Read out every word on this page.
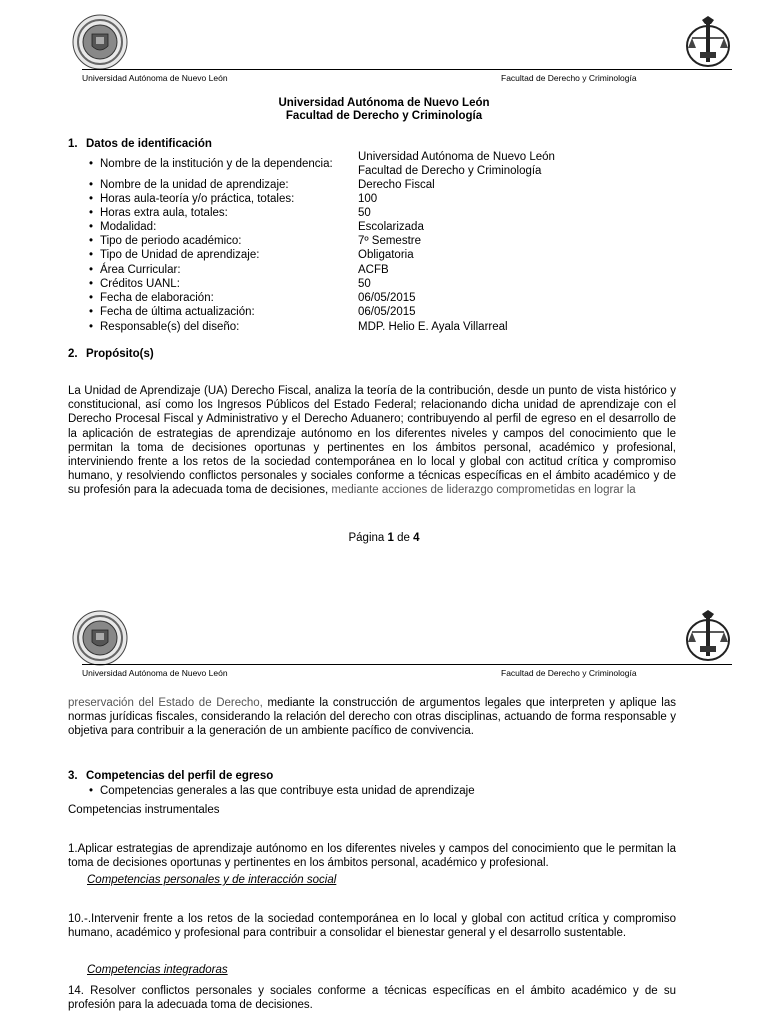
Universidad Autónoma de Nuevo León	Facultad de Derecho y Criminología
Universidad Autónoma de Nuevo León
Facultad de Derecho y Criminología
1. Datos de identificación
• Nombre de la institución y de la dependencia:
Universidad Autónoma de Nuevo León
Facultad de Derecho y Criminología
• Nombre de la unidad de aprendizaje:	Derecho Fiscal
• Horas aula-teoría y/o práctica, totales:	100
• Horas extra aula, totales:	50
• Modalidad:	Escolarizada
• Tipo de periodo académico:	7º Semestre
• Tipo de Unidad de aprendizaje:	Obligatoria
• Área Curricular:	ACFB
• Créditos UANL:	50
• Fecha de elaboración:	06/05/2015
• Fecha de última actualización:	06/05/2015
• Responsable(s) del diseño:	MDP. Helio E. Ayala Villarreal
2. Propósito(s)
La Unidad de Aprendizaje (UA) Derecho Fiscal, analiza la teoría de la contribución, desde un punto de vista histórico y constitucional, así como los Ingresos Públicos del Estado Federal; relacionando dicha unidad de aprendizaje con el Derecho Procesal Fiscal y Administrativo y el Derecho Aduanero; contribuyendo al perfil de egreso en el desarrollo de la aplicación de estrategias de aprendizaje autónomo en los diferentes niveles y campos del conocimiento que le permitan la toma de decisiones oportunas y pertinentes en los ámbitos personal, académico y profesional, interviniendo frente a los retos de la sociedad contemporánea en lo local y global con actitud crítica y compromiso humano, y resolviendo conflictos personales y sociales conforme a técnicas específicas en el ámbito académico y de su profesión para la adecuada toma de decisiones, mediante acciones de liderazgo comprometidas en lograr la
Página 1 de 4
Universidad Autónoma de Nuevo León	Facultad de Derecho y Criminología
preservación del Estado de Derecho, mediante la construcción de argumentos legales que interpreten y aplique las normas jurídicas fiscales, considerando la relación del derecho con otras disciplinas, actuando de forma responsable y objetiva para contribuir a la generación de un ambiente pacífico de convivencia.
3. Competencias del perfil de egreso
• Competencias generales a las que contribuye esta unidad de aprendizaje
Competencias instrumentales
1.Aplicar estrategias de aprendizaje autónomo en los diferentes niveles y campos del conocimiento que le permitan la toma de decisiones oportunas y pertinentes en los ámbitos personal, académico y profesional.
Competencias personales y de interacción social
10.-.Intervenir frente a los retos de la sociedad contemporánea en lo local y global con actitud crítica y compromiso humano, académico y profesional para contribuir a consolidar el bienestar general y el desarrollo sustentable.
Competencias integradoras
14. Resolver conflictos personales y sociales conforme a técnicas específicas en el ámbito académico y de su profesión para la adecuada toma de decisiones.
